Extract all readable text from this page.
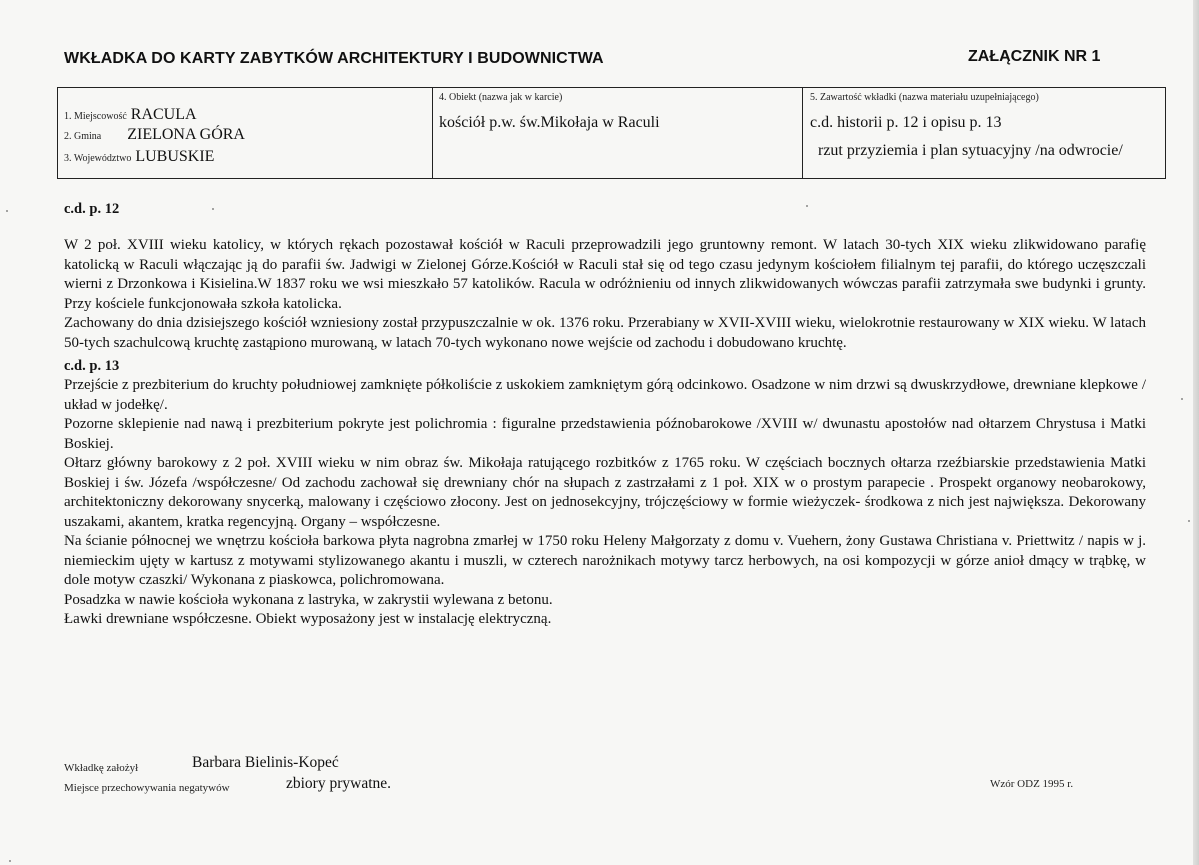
WKŁADKA DO KARTY ZABYTKÓW ARCHITEKTURY I BUDOWNICTWA	ZAŁĄCZNIK NR 1
1. Miejscowość RACULA
2. Gmina ZIELONA GÓRA
3. Województwo LUBUSKIE
4. Obiekt (nazwa jak w karcie)
kościół p.w. św.Mikołaja w Raculi
5. Zawartość wkładki (nazwa materiału uzupełniającego)
c.d. historii p. 12 i opisu p. 13
rzut przyziemia i plan sytuacyjny /na odwrocie/
c.d. p. 12

W 2 poł. XVIII wieku katolicy, w których rękach pozostawał kościół w Raculi przeprowadzili jego gruntowny remont. W latach 30-tych XIX wieku zlikwidowano parafię katolicką w Raculi włączając ją do parafii św. Jadwigi w Zielonej Górze.Kościół w Raculi stał się od tego czasu jedynym kościołem filialnym tej parafii, do którego uczęszczali wierni z Drzonkowa i Kisielina.W 1837 roku we wsi mieszkało 57 katolików. Racula w odróżnieniu od innych zlikwidowanych wówczas parafii zatrzymała swe budynki i grunty. Przy kościele funkcjonowała szkoła katolicka.

Zachowany do dnia dzisiejszego kościół wzniesiony został przypuszczalnie w ok. 1376 roku. Przerabiany w XVII-XVIII wieku, wielokrotnie restaurowany w XIX wieku. W latach 50-tych szachulcową kruchtę zastąpiono murowaną, w latach 70-tych wykonano nowe wejście od zachodu i dobudowano kruchtę.

c.d. p. 13

Przejście z prezbiterium do kruchty południowej zamknięte półkoliście z uskokiem zamkniętym górą odcinkowo. Osadzone w nim drzwi są dwuskrzydłowe, drewniane klepkowe / układ w jodełkę/.

Pozorne sklepienie nad nawą i prezbiterium pokryte jest polichromia : figuralne przedstawienia późnobarokowe /XVIII w/ dwunastu apostołów nad ołtarzem Chrystusa i Matki Boskiej.

Ołtarz główny barokowy z 2 poł. XVIII wieku w nim obraz św. Mikołaja ratującego rozbitków z 1765 roku. W częściach bocznych ołtarza rzeźbiarskie przedstawienia Matki Boskiej i św. Józefa /współczesne/ Od zachodu zachował się drewniany chór na słupach z zastrzałami z 1 poł. XIX w o prostym parapecie . Prospekt organowy neobarokowy, architektoniczny dekorowany snycerką, malowany i częściowo złocony. Jest on jednosekcyjny, trójczęściowy w formie wieżyczek- środkowa z nich jest największa. Dekorowany uszakami, akantem, kratka regencyjną. Organy – współczesne.

Na ścianie północnej we wnętrzu kościoła barkowa płyta nagrobna zmarłej w 1750 roku Heleny Małgorzaty z domu v. Vuehern, żony Gustawa Christiana v. Priettwitz / napis w j. niemieckim ujęty w kartusz z motywami stylizowanego akantu i muszli, w czterech narożnikach motywy tarcz herbowych, na osi kompozycji w górze anioł dmący w trąbkę, w dole motyw czaszki/ Wykonana z piaskowca, polichromowana.

Posadzka w nawie kościoła wykonana z lastryka, w zakrystii wylewana z betonu.

Ławki drewniane współczesne. Obiekt wyposażony jest w instalację elektryczną.

Wkładkę założył	Barbara Bielinis-Kopeć
Miejsce przechowywania negatywów	zbiory prywatne.	Wzór ODZ 1995 r.
